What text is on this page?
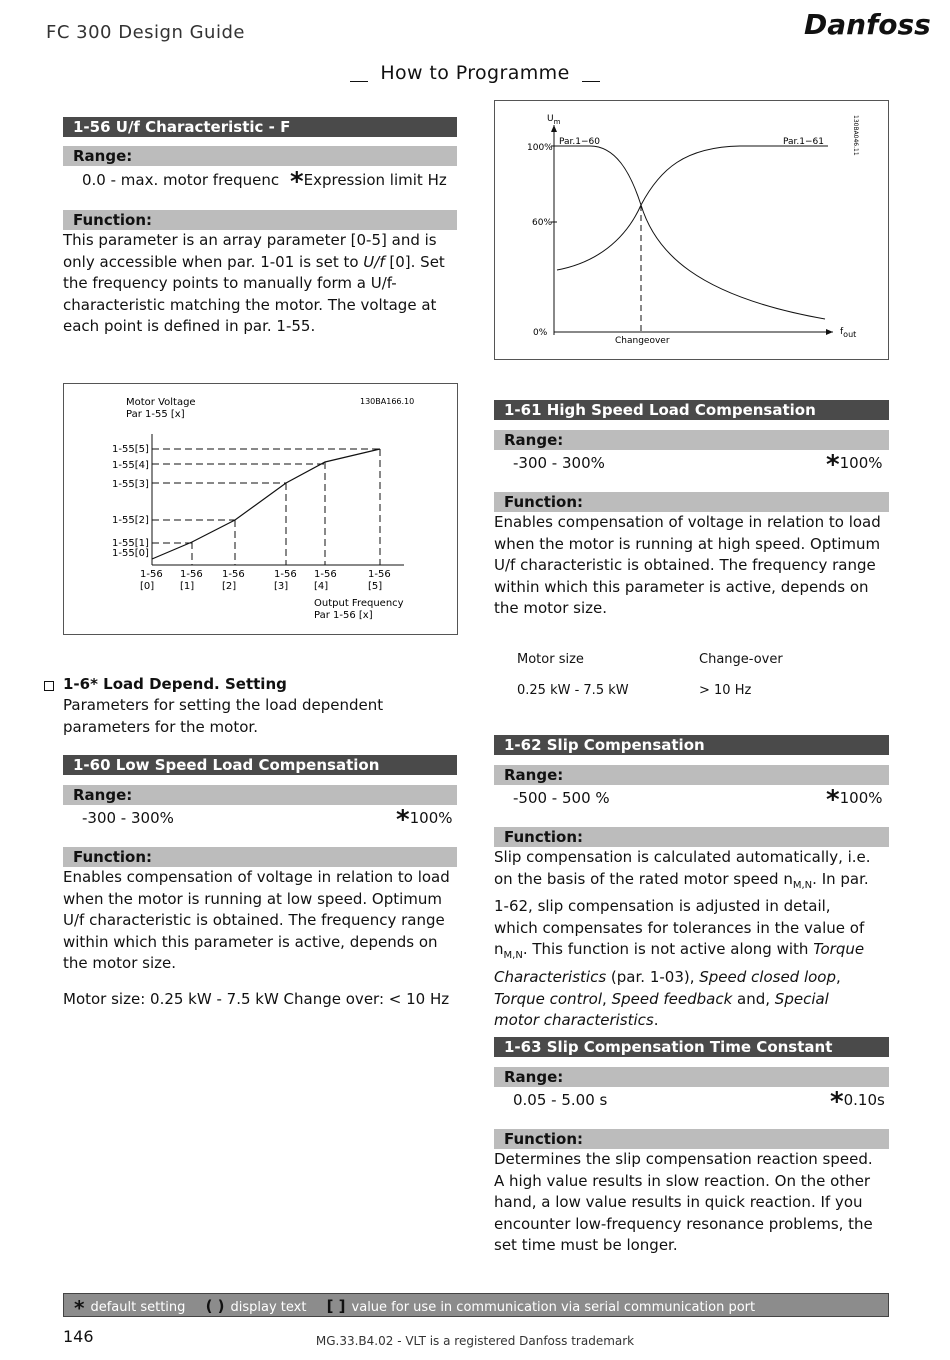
FC 300 Design Guide	Danfoss
How to Programme
1-56 U/f Characteristic - F
Range:
0.0 - max. motor frequenc *Expression limit Hz
Function:
This parameter is an array parameter [0-5] and is only accessible when par. 1-01 is set to U/f [0]. Set the frequency points to manually form a U/f-characteristic matching the motor. The voltage at each point is defined in par. 1-55.
$U_m$
100%
60%
0%
Par.1−60	Par.1−61
Changeover
fout
130BA046.11
Motor Voltage
Par 1-55 [x]
130BA166.10
1-55[5]
1-55[4]
1-55[3]
1-55[2]
1-55[1]
1-55[0]
1-56 1-56 1-56	1-56 1-56	1-56
[0]	[1]	[2]	[3]	[4]	[5]
Output Frequency
Par 1-56 [x]
1-6* Load Depend. Setting
Parameters for setting the load dependent parameters for the motor.
1-60 Low Speed Load Compensation
Range:
-300 - 300%	*100%
Function:
Enables compensation of voltage in relation to load when the motor is running at low speed. Optimum U/f characteristic is obtained. The frequency range within which this parameter is active, depends on the motor size.
Motor size: 0.25 kW - 7.5 kW Change over: < 10 Hz
1-61 High Speed Load Compensation
Range:
-300 - 300%	*100%
Function:
Enables compensation of voltage in relation to load when the motor is running at high speed. Optimum U/f characteristic is obtained. The frequency range within which this parameter is active, depends on the motor size.
Motor size	Change-over
0.25 kW - 7.5 kW	> 10 Hz
1-62 Slip Compensation
Range:
-500 - 500 %	*100%
Function:
Slip compensation is calculated automatically, i.e. on the basis of the rated motor speed $n_{M,N}$. In par. 1-62, slip compensation is adjusted in detail, which compensates for tolerances in the value of $n_{M,N}$. This function is not active along with Torque Characteristics (par. 1-03), Speed closed loop, Torque control, Speed feedback and, Special motor characteristics.
1-63 Slip Compensation Time Constant
Range:
0.05 - 5.00 s	*0.10s
Function:
Determines the slip compensation reaction speed. A high value results in slow reaction. On the other hand, a low value results in quick reaction. If you encounter low-frequency resonance problems, the set time must be longer.
* default setting ( ) display text [ ] value for use in communication via serial communication port
146	MG.33.B4.02 - VLT is a registered Danfoss trademark
